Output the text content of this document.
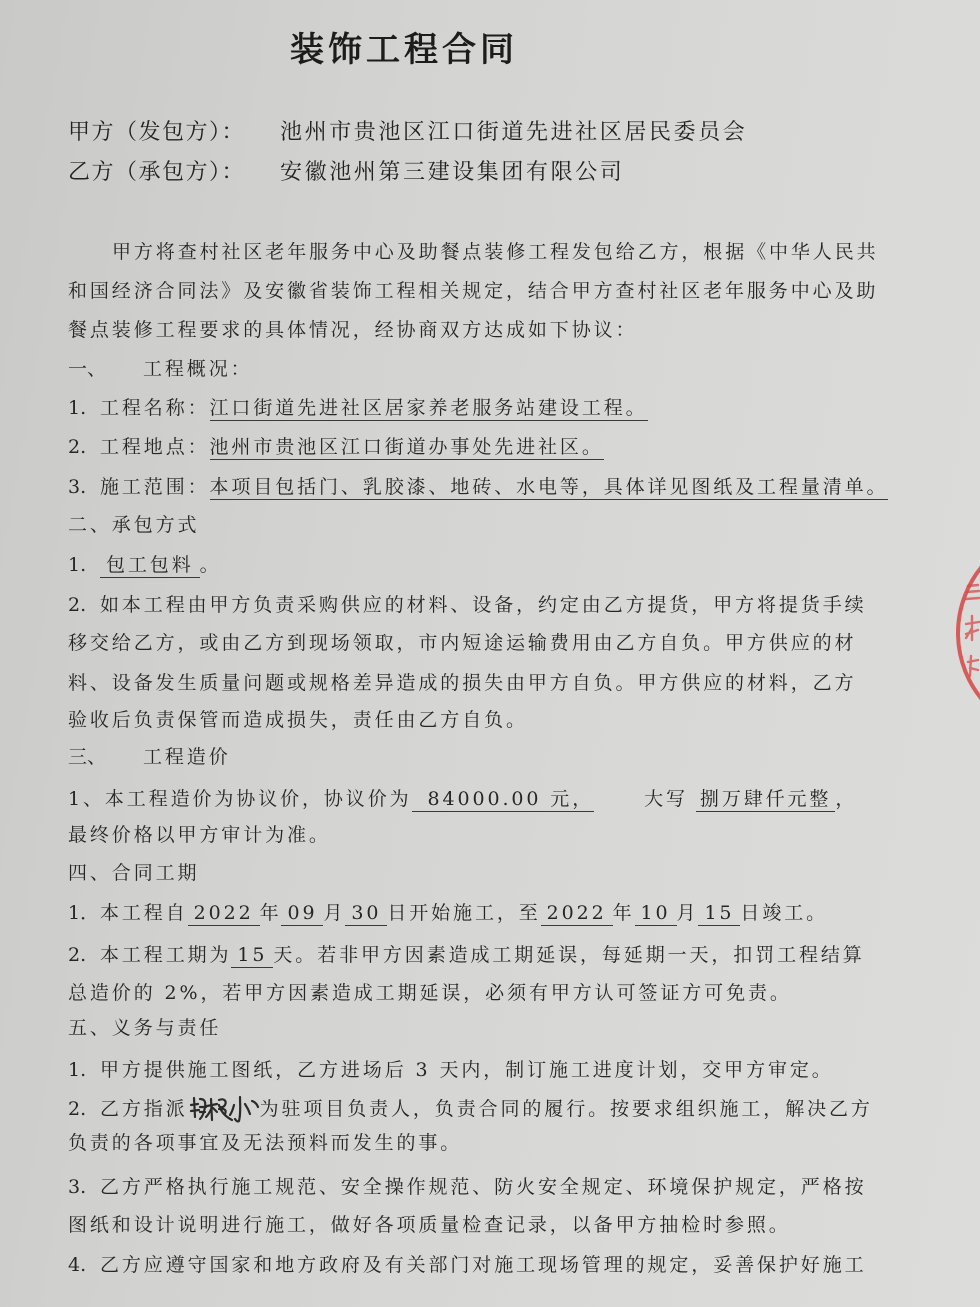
装饰工程合同
甲方（发包方）： 池州市贵池区江口街道先进社区居民委员会
乙方（承包方）： 安徽池州第三建设集团有限公司
甲方将查村社区老年服务中心及助餐点装修工程发包给乙方，根据《中华人民共
和国经济合同法》及安徽省装饰工程相关规定，结合甲方查村社区老年服务中心及助
餐点装修工程要求的具体情况，经协商双方达成如下协议：
一、 工程概况：
1. 工程名称：江口街道先进社区居家养老服务站建设工程。
2. 工程地点：池州市贵池区江口街道办事处先进社区。
3. 施工范围：本项目包括门、乳胶漆、地砖、水电等，具体详见图纸及工程量清单。
二、承包方式
1. 包工包料 。
2. 如本工程由甲方负责采购供应的材料、设备，约定由乙方提货，甲方将提货手续
移交给乙方，或由乙方到现场领取，市内短途运输费用由乙方自负。甲方供应的材
料、设备发生质量问题或规格差异造成的损失由甲方自负。甲方供应的材料，乙方
验收后负责保管而造成损失，责任由乙方自负。
三、 工程造价
1、本工程造价为协议价，协议价为 84000.00 元，	大写 捌万肆仟元整 ，
最终价格以甲方审计为准。
四、合同工期
1．本工程自 2022 年 09 月 30 日开始施工，至 2022 年 10 月 15 日竣工。
2. 本工程工期为 15 天。若非甲方因素造成工期延误，每延期一天，扣罚工程结算
总造价的 2%，若甲方因素造成工期延误，必须有甲方认可签证方可免责。
五、义务与责任
1. 甲方提供施工图纸，乙方进场后 3 天内，制订施工进度计划，交甲方审定。
2. 乙方指派	为驻项目负责人，负责合同的履行。按要求组织施工，解决乙方
负责的各项事宜及无法预料而发生的事。
3. 乙方严格执行施工规范、安全操作规范、防火安全规定、环境保护规定，严格按
图纸和设计说明进行施工，做好各项质量检查记录，以备甲方抽检时参照。
4. 乙方应遵守国家和地方政府及有关部门对施工现场管理的规定，妥善保护好施工
